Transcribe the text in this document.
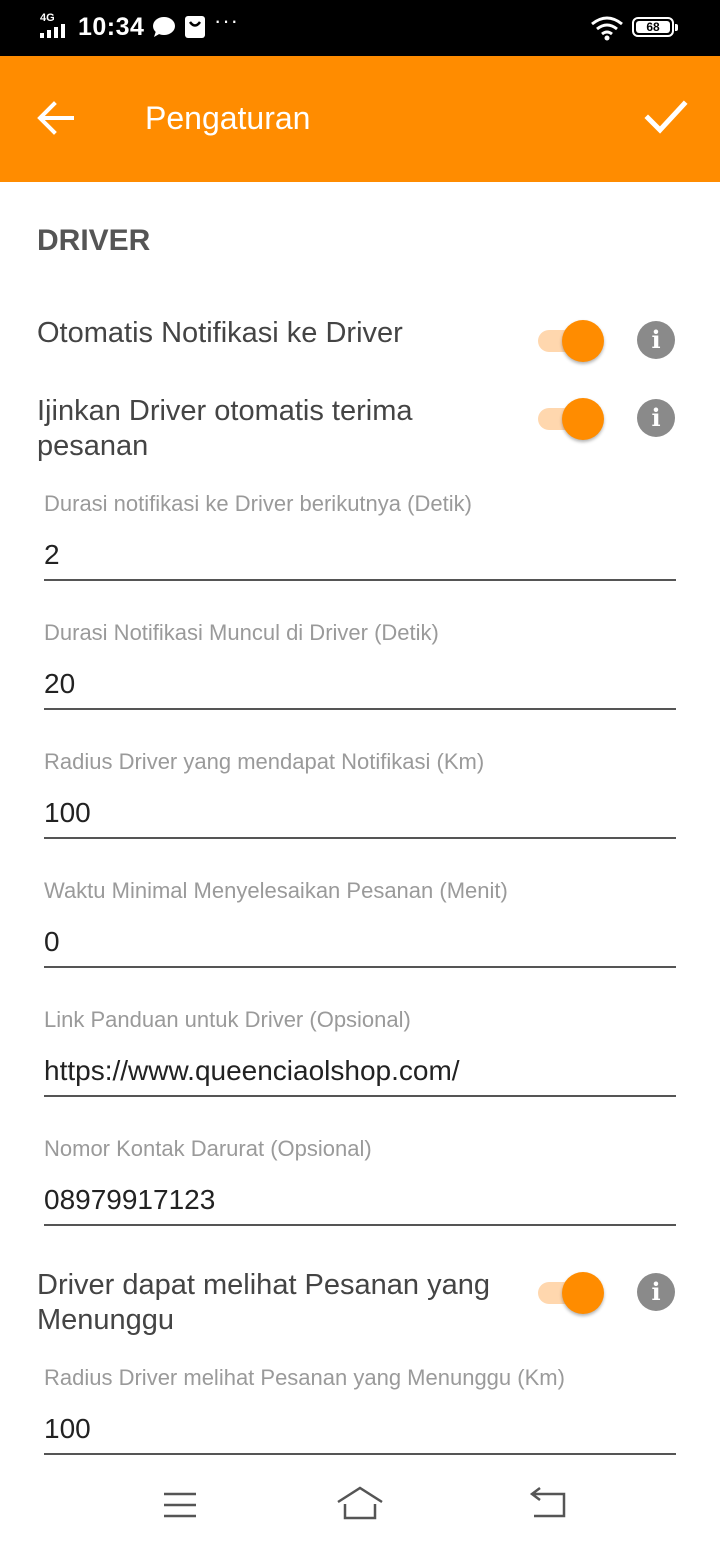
4G 10:34	···	68
Pengaturan
DRIVER
Otomatis Notifikasi ke Driver	i
Ijinkan Driver otomatis terima pesanan
i
Durasi notifikasi ke Driver berikutnya (Detik)
2
Durasi Notifikasi Muncul di Driver (Detik)
20
Radius Driver yang mendapat Notifikasi (Km)
100
Waktu Minimal Menyelesaikan Pesanan (Menit)
0
Link Panduan untuk Driver (Opsional)
https://www.queenciaolshop.com/
Nomor Kontak Darurat (Opsional)
08979917123
Driver dapat melihat Pesanan yang Menunggu
i
Radius Driver melihat Pesanan yang Menunggu (Km)
100
